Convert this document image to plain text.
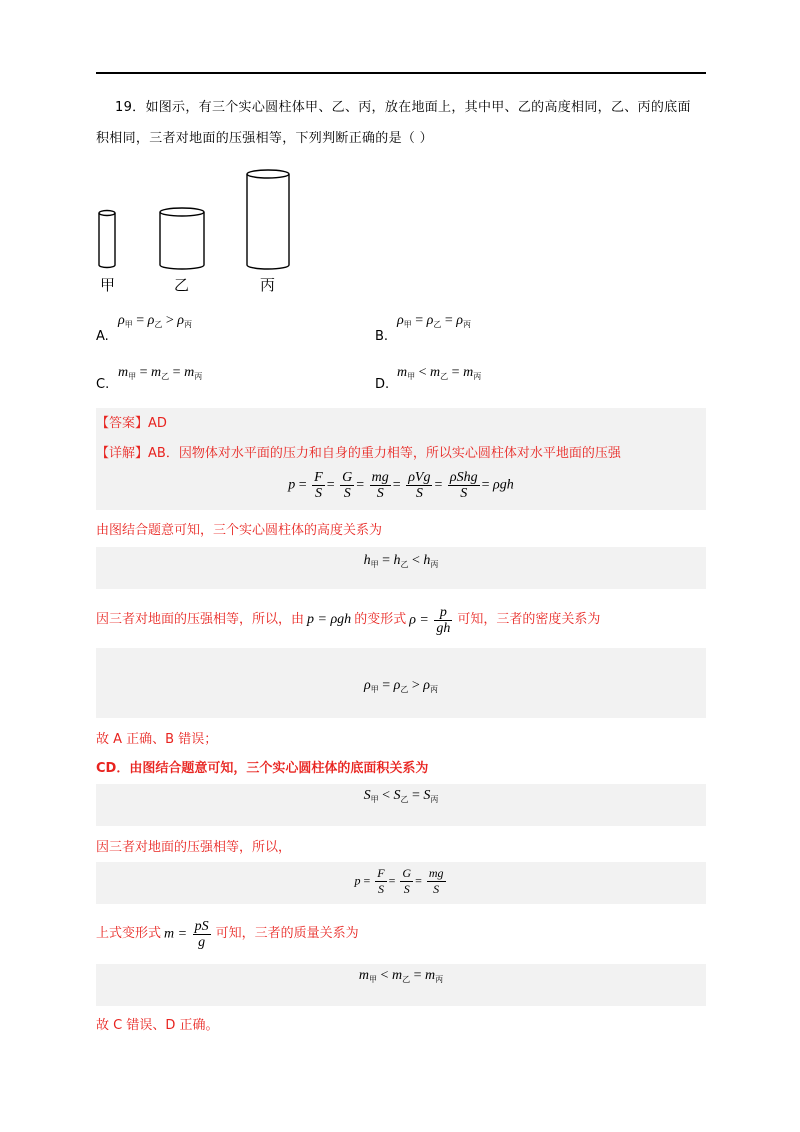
19．如图示，有三个实心圆柱体甲、乙、丙，放在地面上，其中甲、乙的高度相同，乙、丙的底面
积相同，三者对地面的压强相等，下列判断正确的是（ ）
甲	乙	丙
A.
$\rho_甲 = \rho_乙 > \rho_丙$
B.
$\rho_甲 = \rho_乙 = \rho_丙$
C.
$m_甲 = m_乙 = m_丙$
D.
$m_甲 < m_乙 = m_丙$
【答案】AD
【详解】AB．因物体对水平面的压力和自身的重力相等，所以实心圆柱体对水平地面的压强
$p = \frac{F}{S} = \frac{G}{S} = \frac{mg}{S} = \frac{\text{ρVg}}{S} = \frac{\text{ρShg}}{S} = \rho gh$
由图结合题意可知，三个实心圆柱体的高度关系为
$h_甲 = h_乙 < h_丙$
因三者对地面的压强相等，所以，由 p = ρgh 的变形式 $\rho = \frac{p}{gh}$ 可知，三者的密度关系为
$\rho_甲 = \rho_乙 > \rho_丙$
故 A 正确、B 错误；
CD．由图结合题意可知，三个实心圆柱体的底面积关系为
$S_甲 < S_乙 = S_丙$
因三者对地面的压强相等，所以，
$p = \frac{F}{S} = \frac{G}{S} = \frac{mg}{S}$
上式变形式 $m = \frac{pS}{g}$ 可知，三者的质量关系为
$m_甲 < m_乙 = m_丙$
故 C 错误、D 正确。
